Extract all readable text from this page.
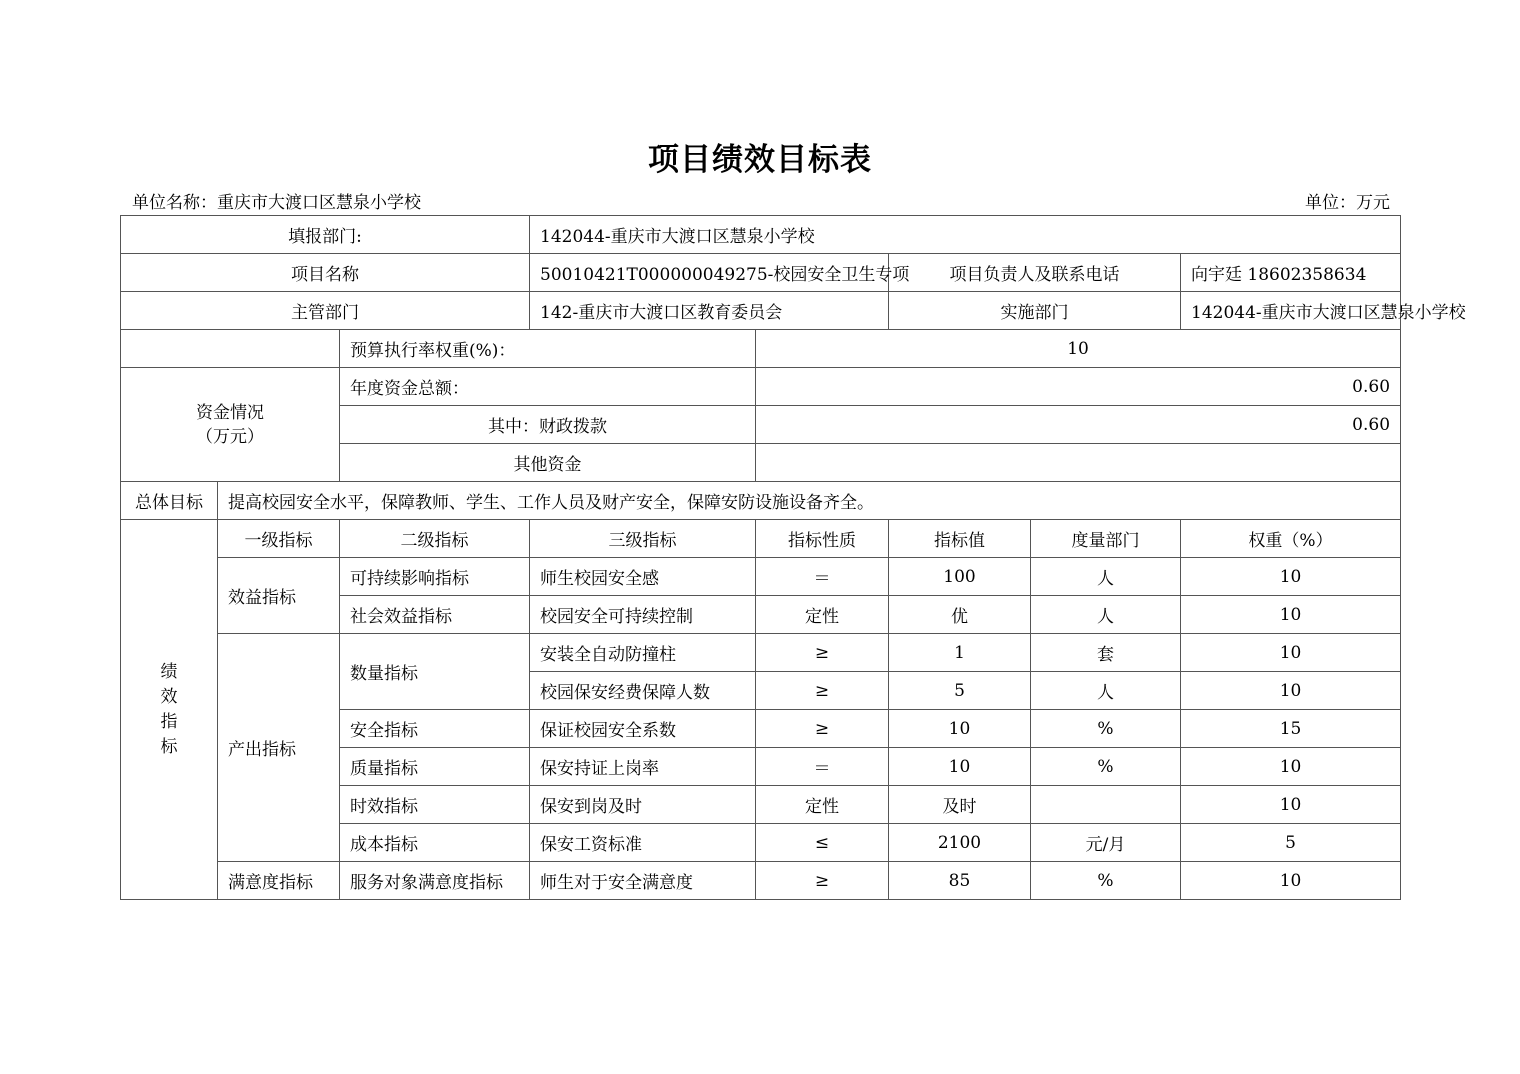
项目绩效目标表
单位名称：重庆市大渡口区慧泉小学校	单位：万元
填报部门:			142044-重庆市大渡口区慧泉小学校				
项目名称			50010421T000000049275-校园安全卫生专项		项目负责人及联系电话		向宇廷 18602358634
主管部门			142-重庆市大渡口区教育委员会		实施部门		142044-重庆市大渡口区慧泉小学校
		预算执行率权重(%)：		10			
资金情况
（万元）		年度资金总额：		0.60			
		其中：财政拨款		0.60			
		其他资金					
总体目标	提高校园安全水平，保障教师、学生、工作人员及财产安全，保障安防设施设备齐全。						
绩
效
指
标	一级指标	二级指标	三级指标	指标性质	指标值	度量部门	权重（%）
	效益指标	可持续影响指标	师生校园安全感	＝	100	人	10
		社会效益指标	校园安全可持续控制	定性	优	人	10
	产出指标	数量指标	安装全自动防撞柱	≥	1	套	10
			校园保安经费保障人数	≥	5	人	10
		安全指标	保证校园安全系数	≥	10	%	15
		质量指标	保安持证上岗率	＝	10	%	10
		时效指标	保安到岗及时	定性	及时		10
		成本指标	保安工资标准	≤	2100	元/月	5
	满意度指标	服务对象满意度指标	师生对于安全满意度	≥	85	%	10
